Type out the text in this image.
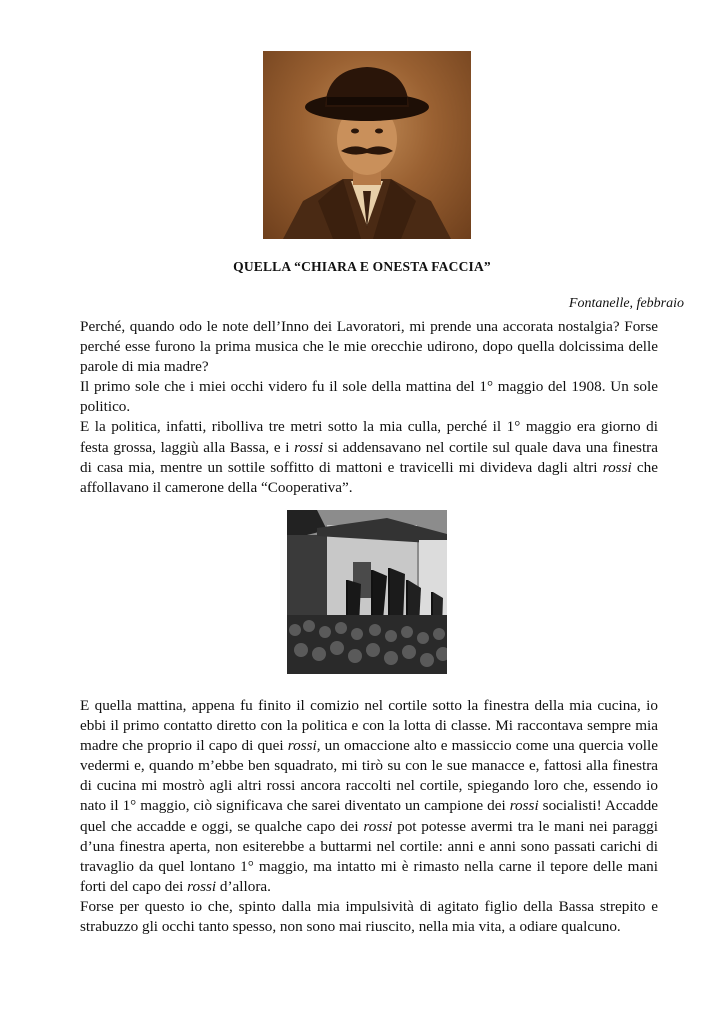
QUELLA “CHIARA E ONESTA FACCIA”
Fontanelle, febbraio

Perché, quando odo le note dell’Inno dei Lavoratori, mi prende una accorata nostalgia? Forse perché esse furono la prima musica che le mie orecchie udirono, dopo quella dolcissima delle parole di mia madre?

Il primo sole che i miei occhi videro fu il sole della mattina del 1° maggio del 1908. Un sole politico.

E la politica, infatti, ribolliva tre metri sotto la mia culla, perché il 1° maggio era giorno di festa grossa, laggiù alla Bassa, e i rossi si addensavano nel cortile sul quale dava una finestra di casa mia, mentre un sottile soffitto di mattoni e travicelli mi divideva dagli altri rossi che affollavano il camerone della “Cooperativa”.

E quella mattina, appena fu finito il comizio nel cortile sotto la finestra della mia cucina, io ebbi il primo contatto diretto con la politica e con la lotta di classe. Mi raccontava sempre mia madre che proprio il capo di quei rossi, un omaccione alto e massiccio come una quercia volle vedermi e, quando m’ebbe ben squadrato, mi tirò su con le sue manacce e, fattosi alla finestra di cucina mi mostrò agli altri rossi ancora raccolti nel cortile, spiegando loro che, essendo io nato il 1° maggio, ciò significava che sarei diventato un campione dei rossi socialisti! Accadde quel che accadde e oggi, se qualche capo dei rossi pot potesse avermi tra le mani nei paraggi d’una finestra aperta, non esiterebbe a buttarmi nel cortile: anni e anni sono passati carichi di travaglio da quel lontano 1° maggio, ma intatto mi è rimasto nella carne il tepore delle mani forti del capo dei rossi d’allora.

Forse per questo io che, spinto dalla mia impulsività di agitato figlio della Bassa strepito e strabuzzo gli occhi tanto spesso, non sono mai riuscito, nella mia vita, a odiare qualcuno.
